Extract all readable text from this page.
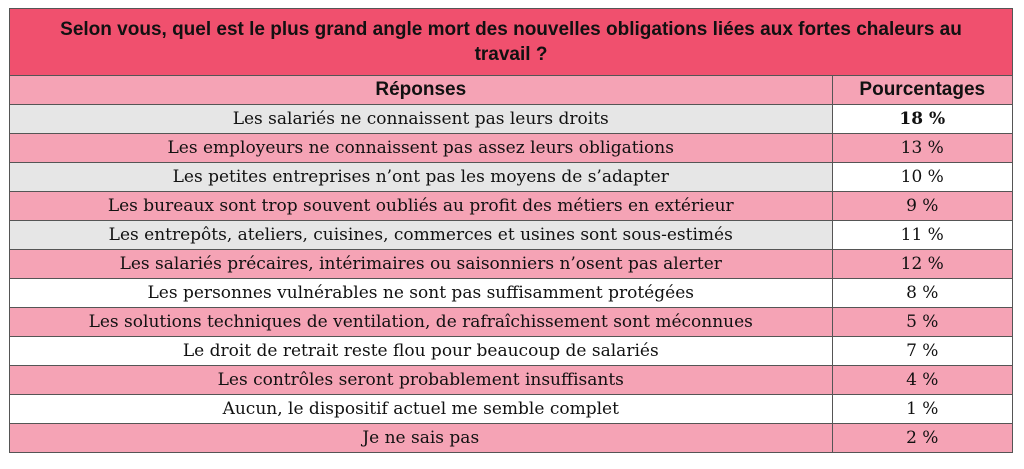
Selon vous, quel est le plus grand angle mort des nouvelles obligations liées aux fortes chaleurs au travail ?
Réponses	Pourcentages
Les salariés ne connaissent pas leurs droits	18 %
Les employeurs ne connaissent pas assez leurs obligations	13 %
Les petites entreprises n’ont pas les moyens de s’adapter	10 %
Les bureaux sont trop souvent oubliés au profit des métiers en extérieur	9 %
Les entrepôts, ateliers, cuisines, commerces et usines sont sous-estimés	11 %
Les salariés précaires, intérimaires ou saisonniers n’osent pas alerter	12 %
Les personnes vulnérables ne sont pas suffisamment protégées	8 %
Les solutions techniques de ventilation, de rafraîchissement sont méconnues	5 %
Le droit de retrait reste flou pour beaucoup de salariés	7 %
Les contrôles seront probablement insuffisants	4 %
Aucun, le dispositif actuel me semble complet	1 %
Je ne sais pas	2 %
